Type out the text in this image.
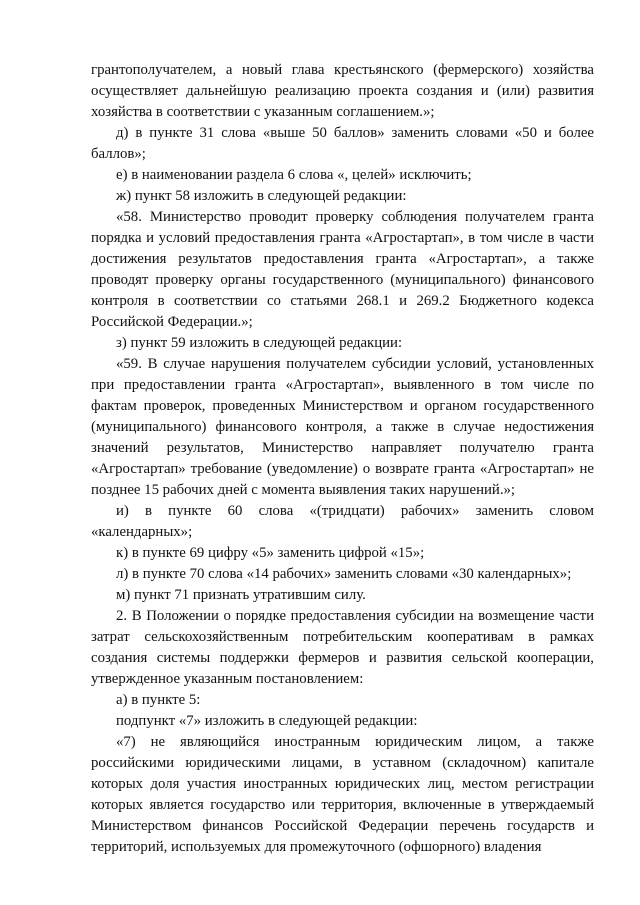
грантополучателем, а новый глава крестьянского (фермерского) хозяйства осуществляет дальнейшую реализацию проекта создания и (или) развития хозяйства в соответствии с указанным соглашением.»;

д) в пункте 31 слова «выше 50 баллов» заменить словами «50 и более баллов»;

е) в наименовании раздела 6 слова «, целей» исключить;

ж) пункт 58 изложить в следующей редакции:

«58. Министерство проводит проверку соблюдения получателем гранта порядка и условий предоставления гранта «Агростартап», в том числе в части достижения результатов предоставления гранта «Агростартап», а также проводят проверку органы государственного (муниципального) финансового контроля в соответствии со статьями 268.1 и 269.2 Бюджетного кодекса Российской Федерации.»;

з) пункт 59 изложить в следующей редакции:

«59. В случае нарушения получателем субсидии условий, установленных при предоставлении гранта «Агростартап», выявленного в том числе по фактам проверок, проведенных Министерством и органом государственного (муниципального) финансового контроля, а также в случае недостижения значений результатов, Министерство направляет получателю гранта «Агростартап» требование (уведомление) о возврате гранта «Агростартап» не позднее 15 рабочих дней с момента выявления таких нарушений.»;

и) в пункте 60 слова «(тридцати) рабочих» заменить словом «календарных»;

к) в пункте 69 цифру «5» заменить цифрой «15»;

л) в пункте 70 слова «14 рабочих» заменить словами «30 календарных»;

м) пункт 71 признать утратившим силу.

2. В Положении о порядке предоставления субсидии на возмещение части затрат сельскохозяйственным потребительским кооперативам в рамках создания системы поддержки фермеров и развития сельской кооперации, утвержденное указанным постановлением:

а) в пункте 5:

подпункт «7» изложить в следующей редакции:

«7) не являющийся иностранным юридическим лицом, а также российскими юридическими лицами, в уставном (складочном) капитале которых доля участия иностранных юридических лиц, местом регистрации которых является государство или территория, включенные в утверждаемый Министерством финансов Российской Федерации перечень государств и территорий, используемых для промежуточного (офшорного) владения
